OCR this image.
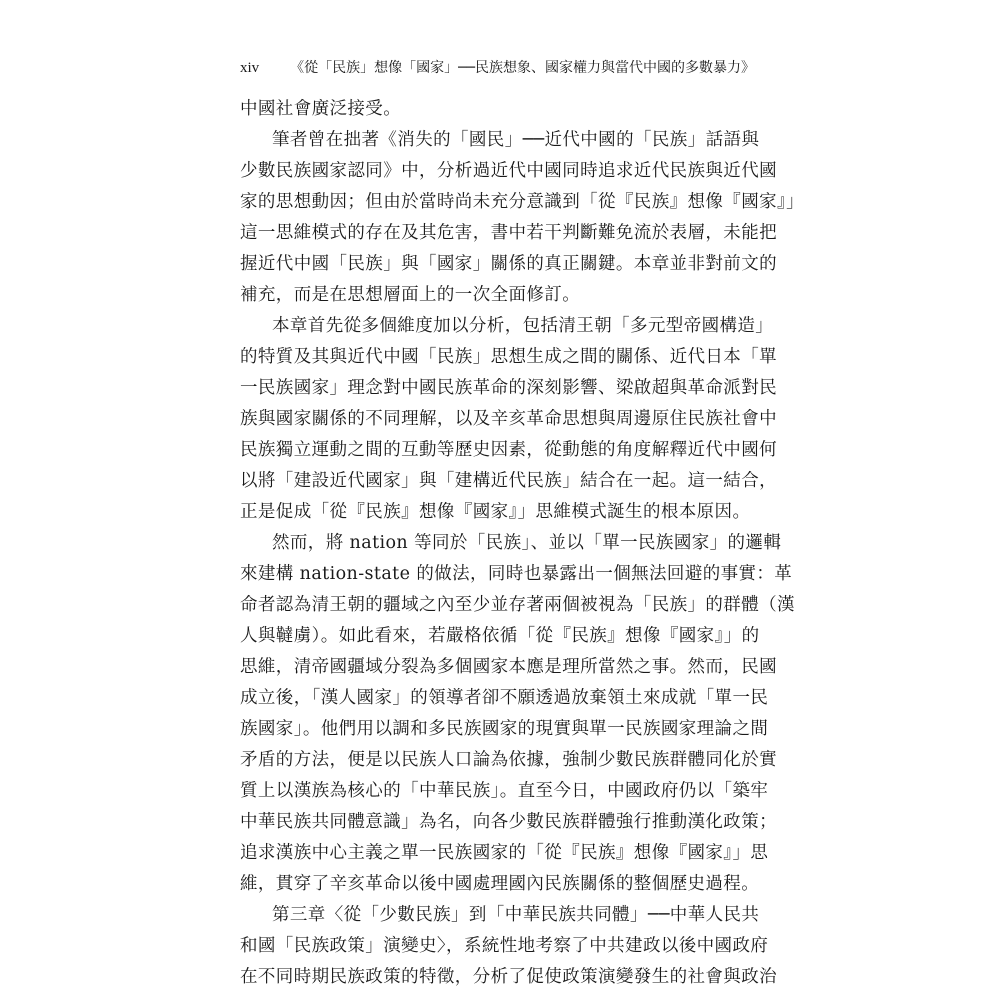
xiv 《從「民族」想像「國家」──民族想象、國家權力與當代中國的多數暴力》
中國社會廣泛接受。
筆者曾在拙著《消失的「國民」──近代中國的「民族」話語與
少數民族國家認同》中，分析過近代中國同時追求近代民族與近代國
家的思想動因；但由於當時尚未充分意識到「從『民族』想像『國家』」
這一思維模式的存在及其危害，書中若干判斷難免流於表層，未能把
握近代中國「民族」與「國家」關係的真正關鍵。本章並非對前文的
補充，而是在思想層面上的一次全面修訂。
本章首先從多個維度加以分析，包括清王朝「多元型帝國構造」
的特質及其與近代中國「民族」思想生成之間的關係、近代日本「單
一民族國家」理念對中國民族革命的深刻影響、梁啟超與革命派對民
族與國家關係的不同理解，以及辛亥革命思想與周邊原住民族社會中
民族獨立運動之間的互動等歷史因素，從動態的角度解釋近代中國何
以將「建設近代國家」與「建構近代民族」結合在一起。這一結合，
正是促成「從『民族』想像『國家』」思維模式誕生的根本原因。
然而，將 nation 等同於「民族」、並以「單一民族國家」的邏輯
來建構 nation-state 的做法，同時也暴露出一個無法回避的事實：革
命者認為清王朝的疆域之內至少並存著兩個被視為「民族」的群體（漢
人與韃虜）。如此看來，若嚴格依循「從『民族』想像『國家』」的
思維，清帝國疆域分裂為多個國家本應是理所當然之事。然而，民國
成立後，「漢人國家」的領導者卻不願透過放棄領土來成就「單一民
族國家」。他們用以調和多民族國家的現實與單一民族國家理論之間
矛盾的方法，便是以民族人口論為依據，強制少數民族群體同化於實
質上以漢族為核心的「中華民族」。直至今日，中國政府仍以「築牢
中華民族共同體意識」為名，向各少數民族群體強行推動漢化政策；
追求漢族中心主義之單一民族國家的「從『民族』想像『國家』」思
維，貫穿了辛亥革命以後中國處理國內民族關係的整個歷史過程。
第三章〈從「少數民族」到「中華民族共同體」──中華人民共
和國「民族政策」演變史〉，系統性地考察了中共建政以後中國政府
在不同時期民族政策的特徵，分析了促使政策演變發生的社會與政治
